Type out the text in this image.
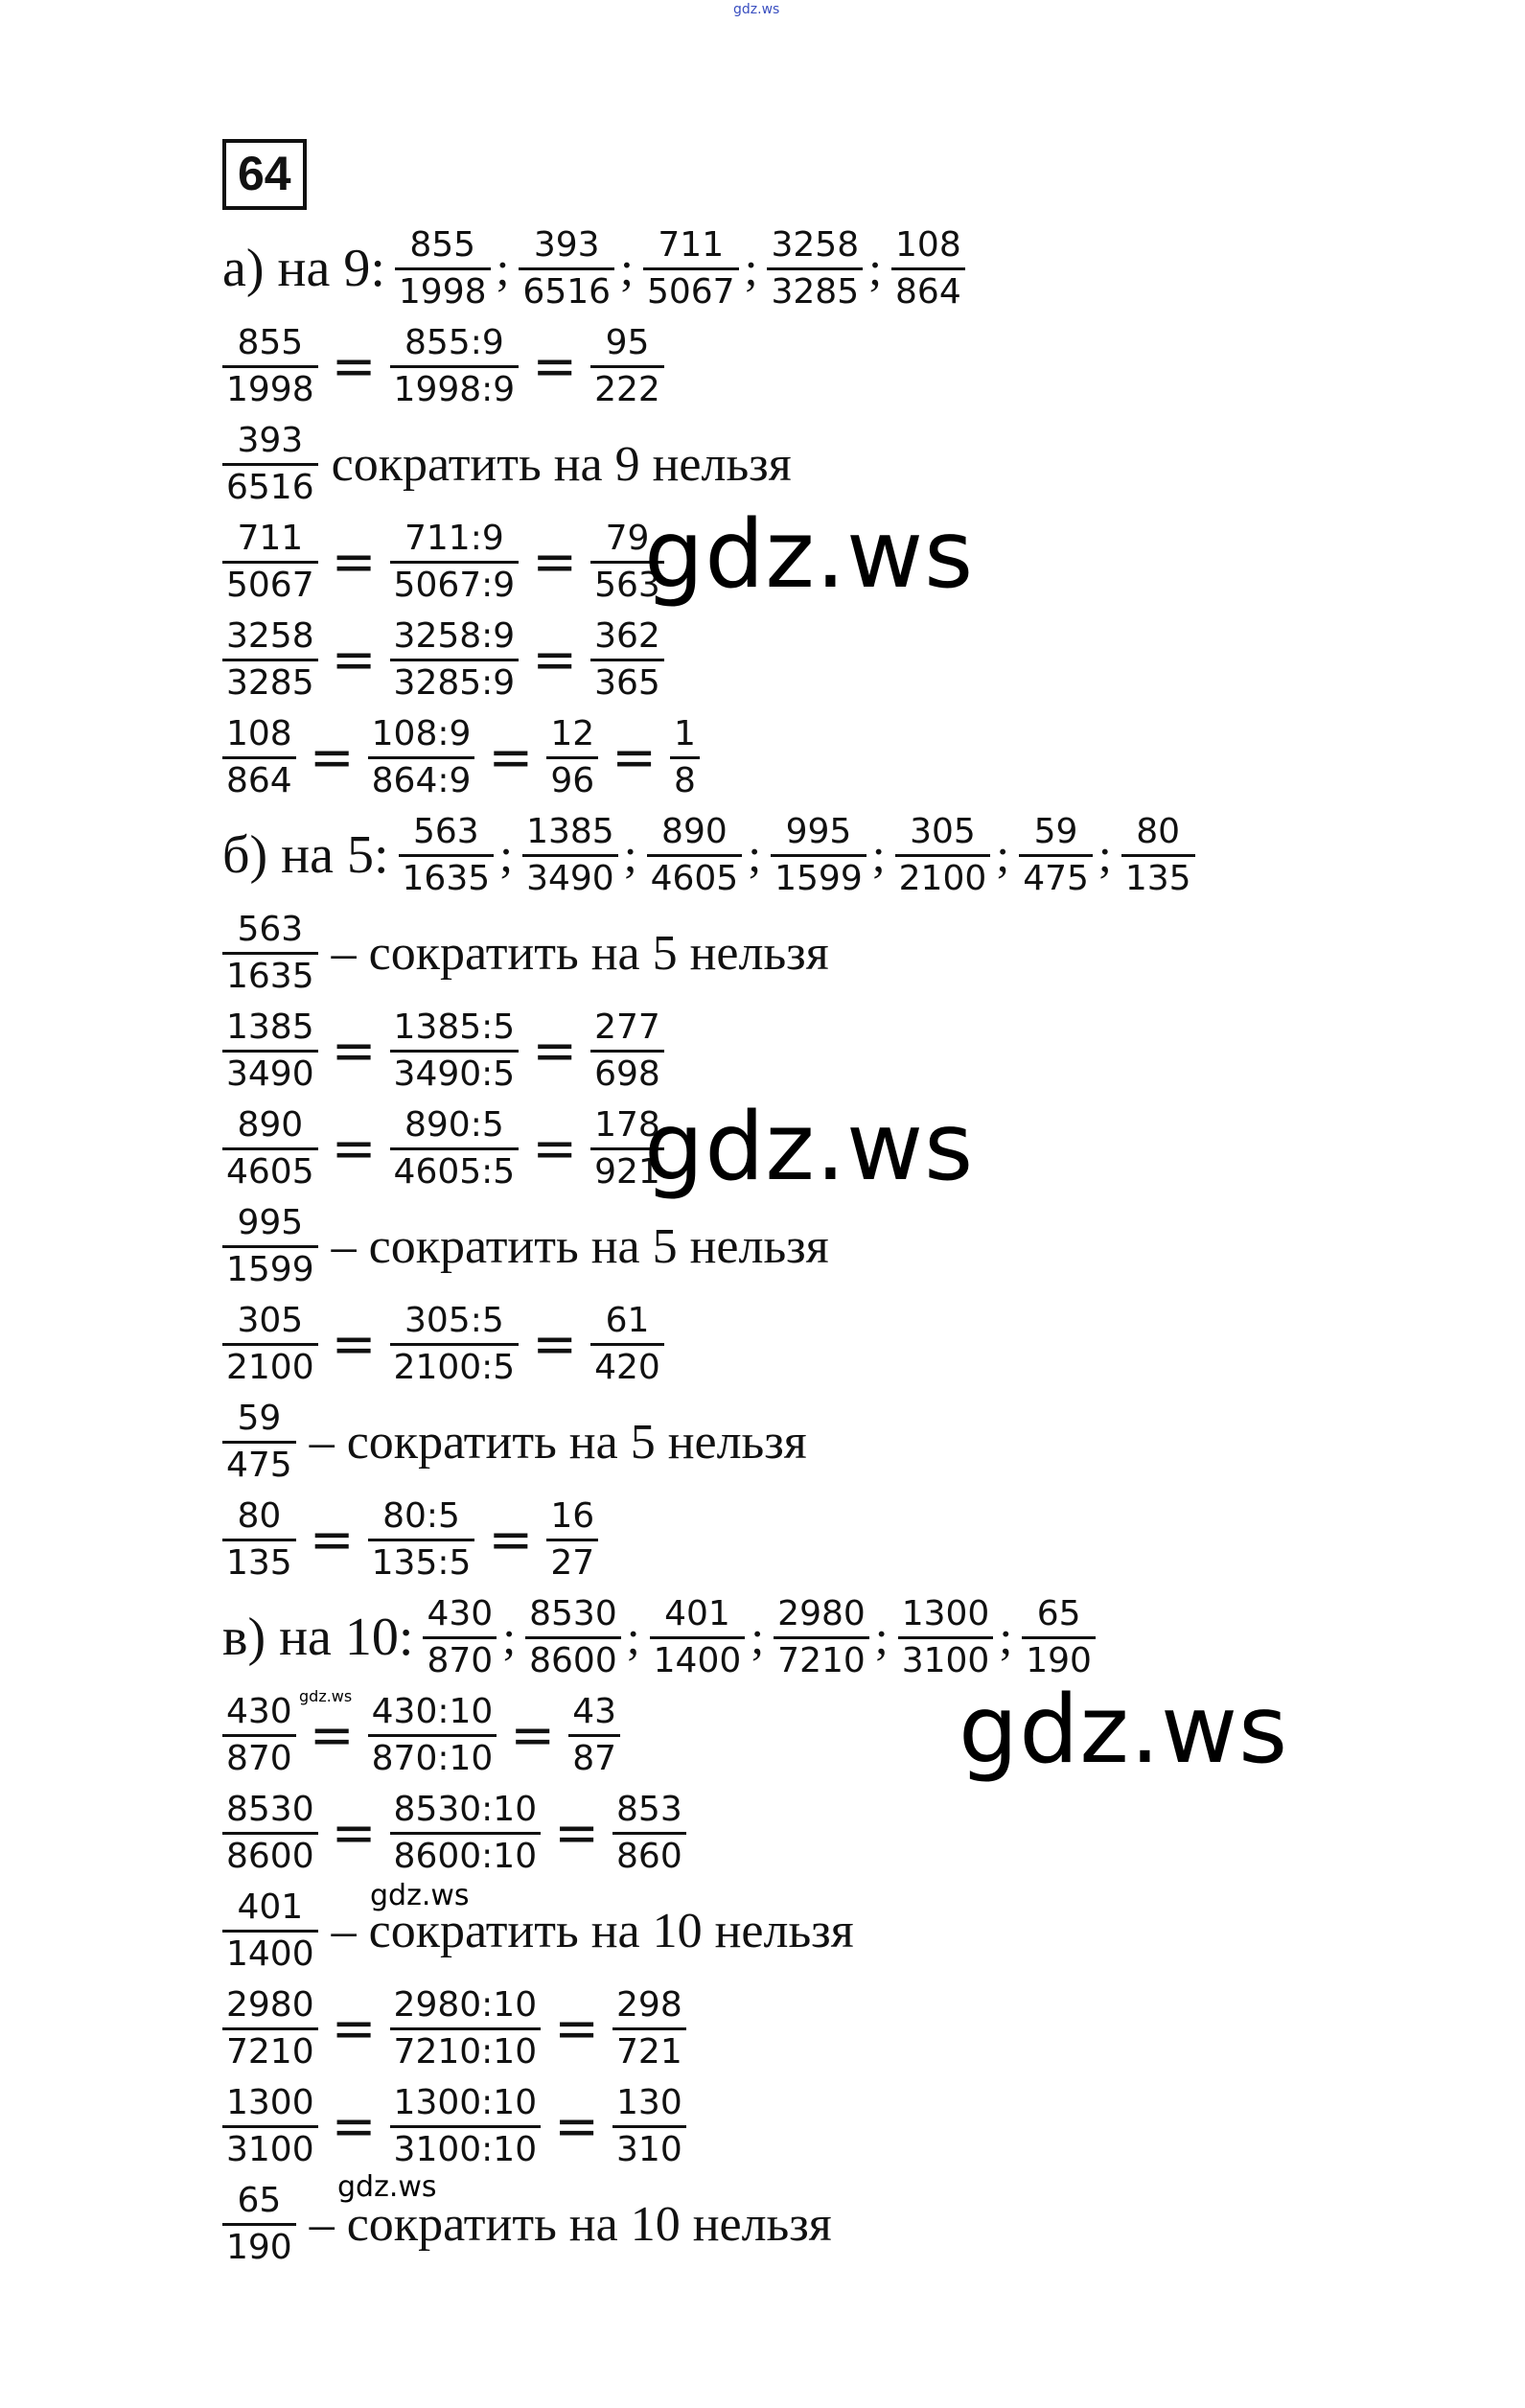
gdz.ws
64
а) на 9: $\frac{855}{1998}$ ; $\frac{393}{6516}$ ; $\frac{711}{5067}$ ; $\frac{3258}{3285}$ ; $\frac{108}{864}$
$\frac{855}{1998} = \frac{855:9}{1998:9} = \frac{95}{222}$
$\frac{393}{6516}$ сократить на 9 нельзя
$\frac{711}{5067} = \frac{711:9}{5067:9} = \frac{79}{563}$
$\frac{3258}{3285} = \frac{3258:9}{3285:9} = \frac{362}{365}$
$\frac{108}{864} = \frac{108:9}{864:9} = \frac{12}{96} = \frac{1}{8}$
б) на 5: $\frac{563}{1635}$ ; $\frac{1385}{3490}$ ; $\frac{890}{4605}$ ; $\frac{995}{1599}$ ; $\frac{305}{2100}$ ; $\frac{59}{475}$ ; $\frac{80}{135}$
$\frac{563}{1635}$ – сократить на 5 нельзя
$\frac{1385}{3490} = \frac{1385:5}{3490:5} = \frac{277}{698}$
$\frac{890}{4605} = \frac{890:5}{4605:5} = \frac{178}{921}$
$\frac{995}{1599}$ – сократить на 5 нельзя
$\frac{305}{2100} = \frac{305:5}{2100:5} = \frac{61}{420}$
$\frac{59}{475}$ – сократить на 5 нельзя
$\frac{80}{135} = \frac{80:5}{135:5} = \frac{16}{27}$
в) на 10: $\frac{430}{870}$ ; $\frac{8530}{8600}$ ; $\frac{401}{1400}$ ; $\frac{2980}{7210}$ ; $\frac{1300}{3100}$ ; $\frac{65}{190}$
$\frac{430}{870} = \frac{430:10}{870:10} = \frac{43}{87}$
$\frac{8530}{8600} = \frac{8530:10}{8600:10} = \frac{853}{860}$
$\frac{401}{1400}$ – сократить на 10 нельзя
$\frac{2980}{7210} = \frac{2980:10}{7210:10} = \frac{298}{721}$
$\frac{1300}{3100} = \frac{1300:10}{3100:10} = \frac{130}{310}$
$\frac{65}{190}$ – сократить на 10 нельзя
gdz.ws
gdz.ws
gdz.ws
gdz.ws
gdz.ws
gdz.ws
